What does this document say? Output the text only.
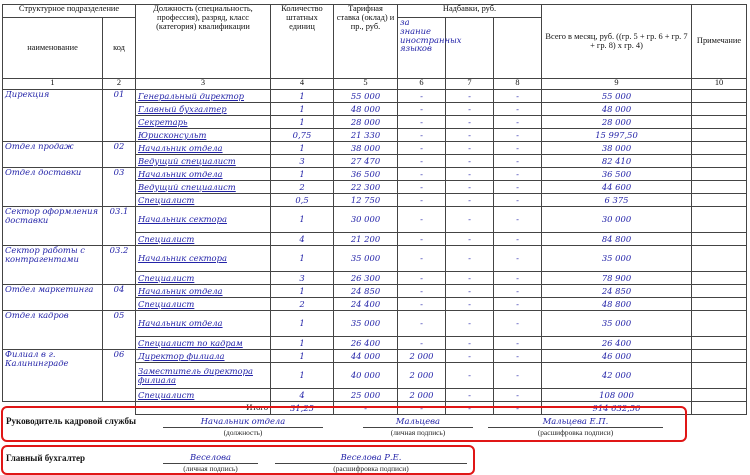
Структурное подразделение		Должность (специальность, профессия), разряд, класс (категория) квалификации	Количество штатных единиц	Тарифная ставка (оклад) и пр., руб.	Надбавки, руб.			Всего в месяц, руб. ((гр. 5 + гр. 6 + гр. 7 + гр. 8) х гр. 4)	Примечание
наименование	код				за знание иностранных языков				
1	2	3	4	5	6	7	8	9	10
Дирекция	01	Генеральный директор	1	55 000	-	-	-	55 000	
		Главный бухгалтер	1	48 000	-	-	-	48 000	
		Секретарь	1	28 000	-	-	-	28 000	
		Юрисконсульт	0,75	21 330	-	-	-	15 997,50	
Отдел продаж	02	Начальник отдела	1	38 000	-	-	-	38 000	
		Ведущий специалист	3	27 470	-	-	-	82 410	
Отдел доставки	03	Начальник отдела	1	36 500	-	-	-	36 500	
		Ведущий специалист	2	22 300	-	-	-	44 600	
		Специалист	0,5	12 750	-	-	-	6 375	
Сектор оформления доставки	03.1	Начальник сектора	1	30 000	-	-	-	30 000	
		Специалист	4	21 200	-	-	-	84 800	
Сектор работы с контрагентами	03.2	Начальник сектора	1	35 000	-	-	-	35 000	
		Специалист	3	26 300	-	-	-	78 900	
Отдел маркетинга	04	Начальник отдела	1	24 850	-	-	-	24 850	
		Специалист	2	24 400	-	-	-	48 800	
Отдел кадров	05	Начальник отдела	1	35 000	-	-	-	35 000	
		Специалист по кадрам	1	26 400	-	-	-	26 400	
Филиал в г. Калининграде	06	Директор филиала	1	44 000	2 000	-	-	46 000	
		Заместитель директора филиала	1	40 000	2 000	-	-	42 000	
		Специалист	4	25 000	2 000	-	-	108 000	
		Итого	31,25	-	-	-	-	914 632,50	
Руководитель кадровой службы	Начальник отдела
(должность)
Мальцева
(личная подпись)
Мальцева Е.П.
(расшифровка подписи)
Главный бухгалтер	Веселова
(личная подпись)
Веселова Р.Е.
(расшифровка подписи)
